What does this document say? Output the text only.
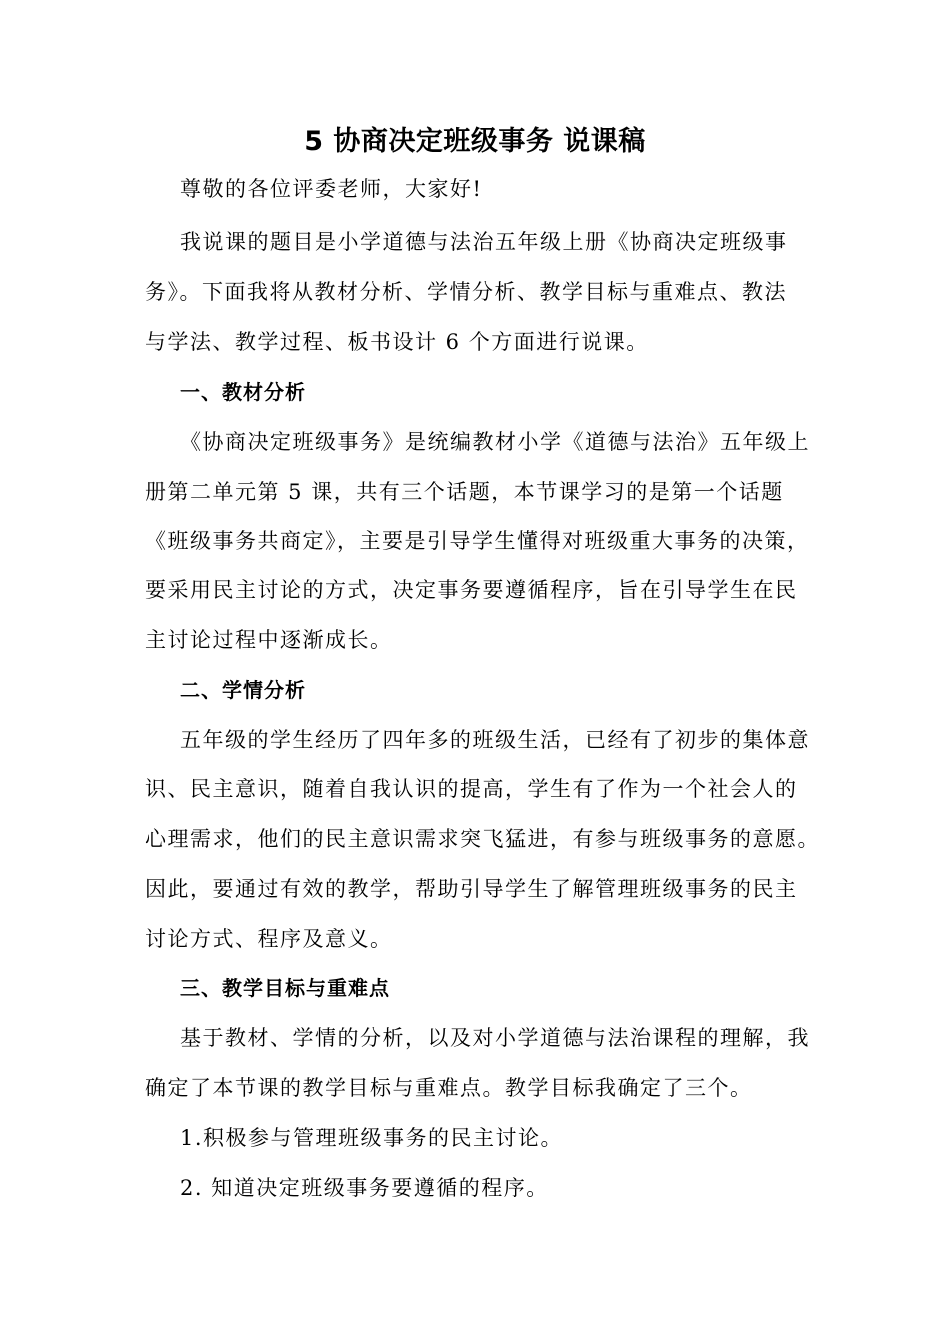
5 协商决定班级事务 说课稿
尊敬的各位评委老师，大家好!
我说课的题目是小学道德与法治五年级上册《协商决定班级事
务》。下面我将从教材分析、学情分析、教学目标与重难点、教法
与学法、教学过程、板书设计 6 个方面进行说课。
一、教材分析
《协商决定班级事务》是统编教材小学《道德与法治》五年级上
册第二单元第 5 课，共有三个话题，本节课学习的是第一个话题
《班级事务共商定》，主要是引导学生懂得对班级重大事务的决策，
要采用民主讨论的方式，决定事务要遵循程序，旨在引导学生在民
主讨论过程中逐渐成长。
二、学情分析
五年级的学生经历了四年多的班级生活，已经有了初步的集体意
识、民主意识，随着自我认识的提高，学生有了作为一个社会人的
心理需求，他们的民主意识需求突飞猛进，有参与班级事务的意愿。
因此，要通过有效的教学，帮助引导学生了解管理班级事务的民主
讨论方式、程序及意义。
三、教学目标与重难点
基于教材、学情的分析，以及对小学道德与法治课程的理解，我
确定了本节课的教学目标与重难点。教学目标我确定了三个。
1.积极参与管理班级事务的民主讨论。
2. 知道决定班级事务要遵循的程序。
